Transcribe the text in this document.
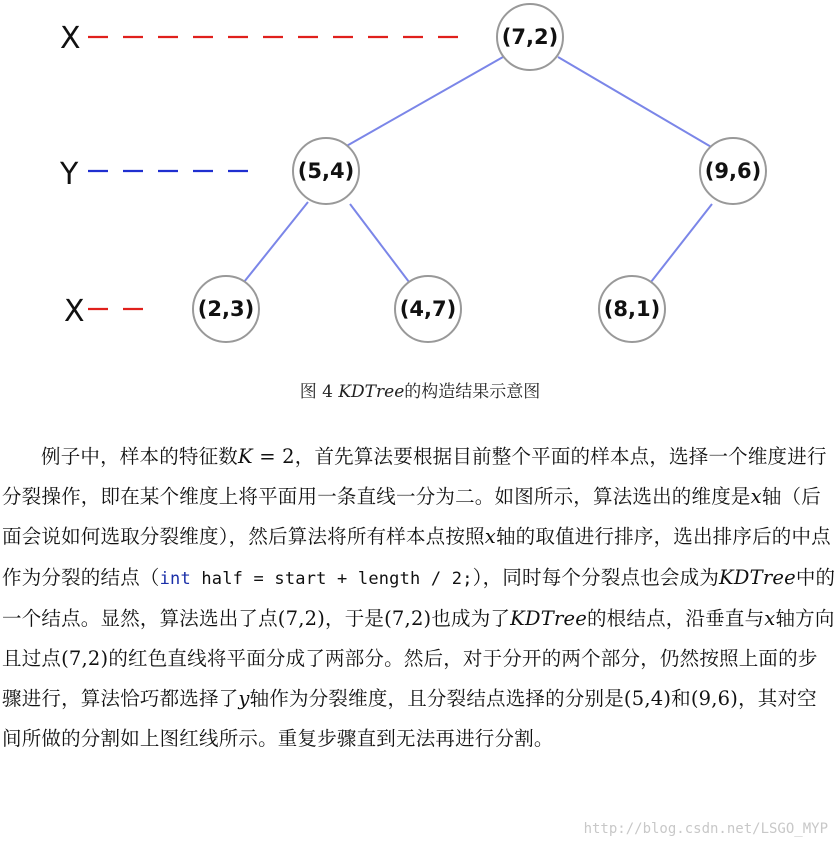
X
Y
X
(7,2)
(5,4)	(9,6)
(2,3)	(4,7)	(8,1)
图 4 KDTree的构造结果示意图

例子中，样本的特征数K = 2，首先算法要根据目前整个平面的样本点，选择一个维度进行分裂操作，即在某个维度上将平面用一条直线一分为二。如图所示，算法选出的维度是x轴（后面会说如何选取分裂维度），然后算法将所有样本点按照x轴的取值进行排序，选出排序后的中点作为分裂的结点（int half = start + length / 2;），同时每个分裂点也会成为KDTree中的一个结点。显然，算法选出了点(7,2)，于是(7,2)也成为了KDTree的根结点，沿垂直与x轴方向且过点(7,2)的红色直线将平面分成了两部分。然后，对于分开的两个部分，仍然按照上面的步骤进行，算法恰巧都选择了y轴作为分裂维度，且分裂结点选择的分别是(5,4)和(9,6)，其对空间所做的分割如上图红线所示。重复步骤直到无法再进行分割。

http://blog.csdn.net/LSGO_MYP
